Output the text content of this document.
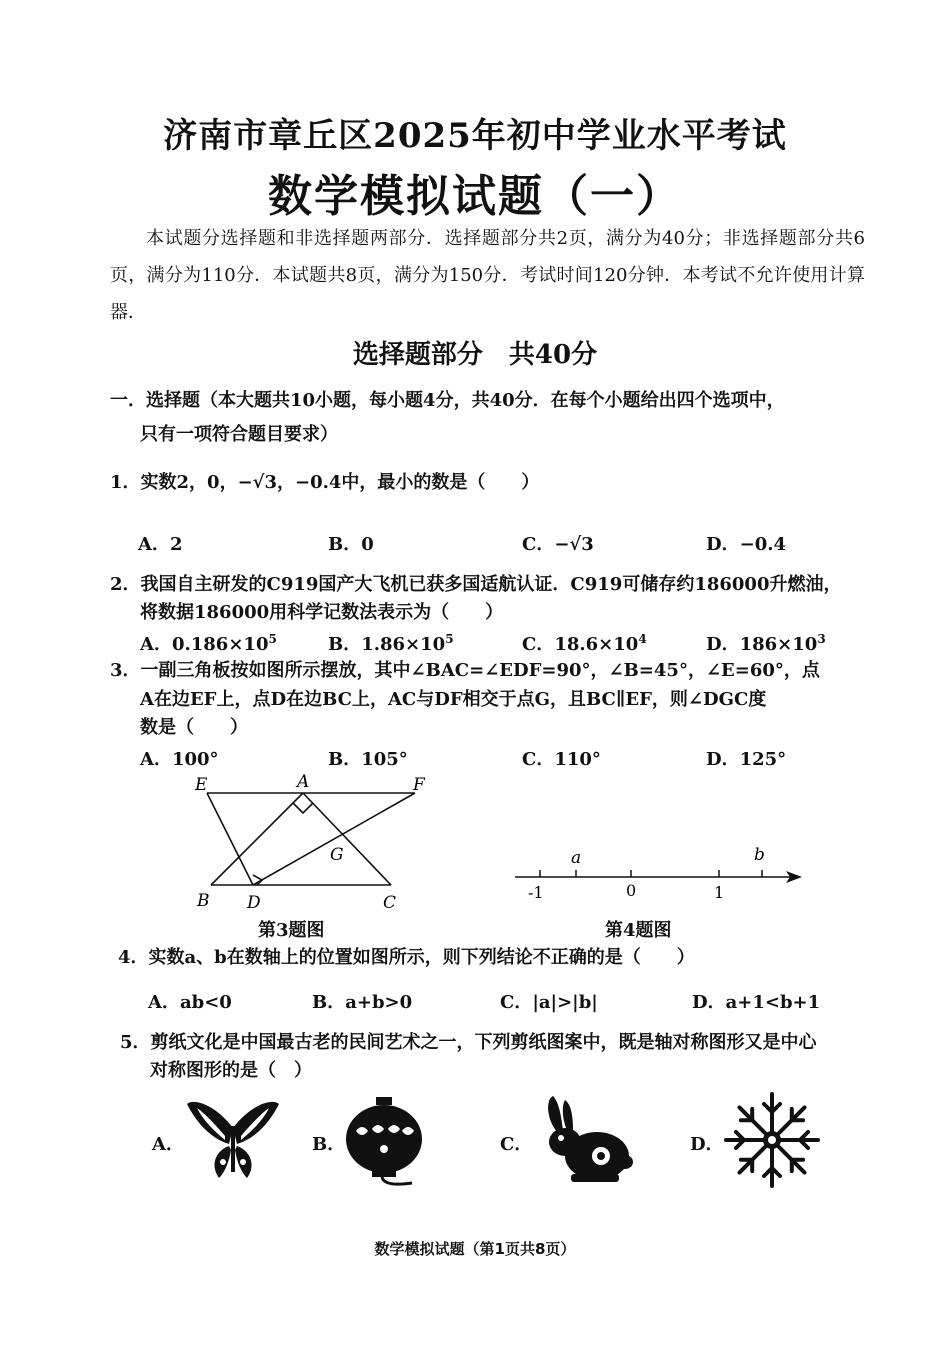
济南市章丘区2025年初中学业水平考试
数学模拟试题（一）
本试题分选择题和非选择题两部分．选择题部分共2页，满分为40分；非选择题部分共6页，满分为110分．本试题共8页，满分为150分．考试时间120分钟．本考试不允许使用计算器．
选择题部分　共40分
一．选择题（本大题共10小题，每小题4分，共40分．在每个小题给出四个选项中，
只有一项符合题目要求）
1．实数2，0，−√3，−0.4中，最小的数是（　　）
A．2	B．0	C．−√3	D．−0.4
2．我国自主研发的C919国产大飞机已获多国适航认证．C919可储存约186000升燃油，
将数据186000用科学记数法表示为（　　）
A．$0.186\times 10^5$	B．$1.86\times 10^5$	C．$18.6\times 10^4$	D．$186\times 10^3$
3．一副三角板按如图所示摆放，其中∠BAC=∠EDF=90°，∠B=45°，∠E=60°，点
A在边EF上，点D在边BC上，AC与DF相交于点G，且BC∥EF，则∠DGC度
数是（　　）
A．100°	B．105°	C．110°	D．125°
E	A	F
G
B D	C
第3题图
a	b
-1	0	1
第4题图
4．实数a、b在数轴上的位置如图所示，则下列结论不正确的是（　　）
A．ab<0	B．a+b>0	C．|a|>|b|	D．a+1<b+1
5．剪纸文化是中国最古老的民间艺术之一，下列剪纸图案中，既是轴对称图形又是中心
对称图形的是（　）
A．	B．	C．	D．
数学模拟试题（第1页共8页）
